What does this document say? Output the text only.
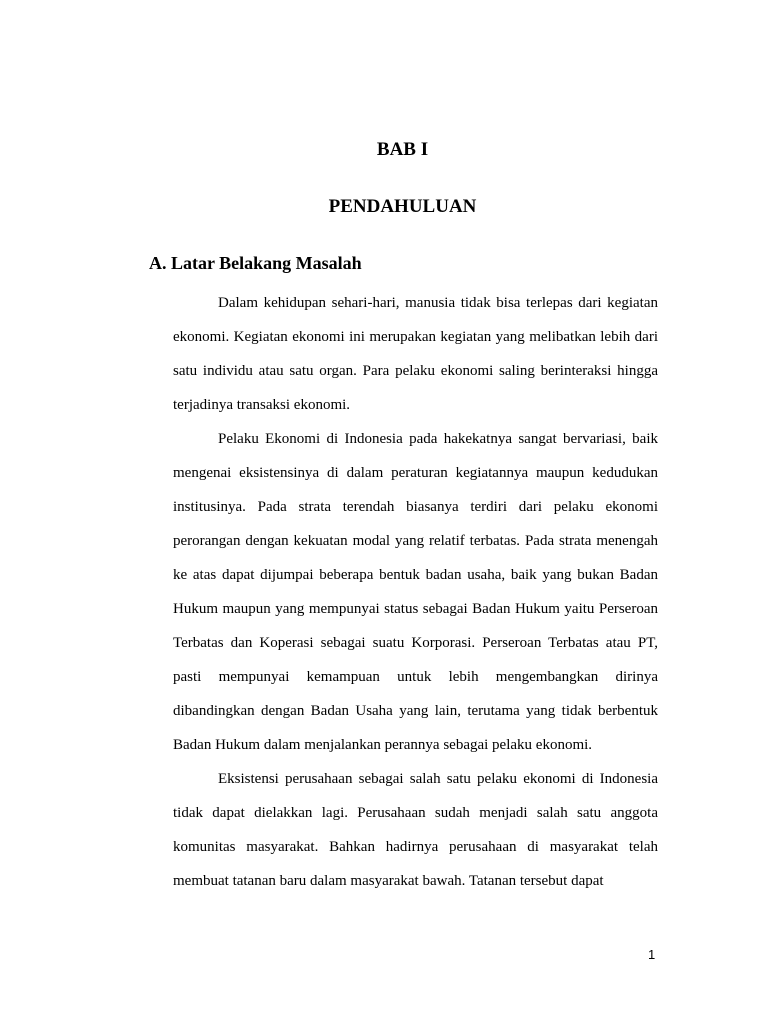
BAB I
PENDAHULUAN
A. Latar Belakang Masalah

Dalam kehidupan sehari-hari, manusia tidak bisa terlepas dari kegiatan ekonomi. Kegiatan ekonomi ini merupakan kegiatan yang melibatkan lebih dari satu individu atau satu organ. Para pelaku ekonomi saling berinteraksi hingga terjadinya transaksi ekonomi.

Pelaku Ekonomi di Indonesia pada hakekatnya sangat bervariasi, baik mengenai eksistensinya di dalam peraturan kegiatannya maupun kedudukan institusinya. Pada strata terendah biasanya terdiri dari pelaku ekonomi perorangan dengan kekuatan modal yang relatif terbatas. Pada strata menengah ke atas dapat dijumpai beberapa bentuk badan usaha, baik yang bukan Badan Hukum maupun yang mempunyai status sebagai Badan Hukum yaitu Perseroan Terbatas dan Koperasi sebagai suatu Korporasi. Perseroan Terbatas atau PT, pasti mempunyai kemampuan untuk lebih mengembangkan dirinya dibandingkan dengan Badan Usaha yang lain, terutama yang tidak berbentuk Badan Hukum dalam menjalankan perannya sebagai pelaku ekonomi.

Eksistensi perusahaan sebagai salah satu pelaku ekonomi di Indonesia tidak dapat dielakkan lagi. Perusahaan sudah menjadi salah satu anggota komunitas masyarakat. Bahkan hadirnya perusahaan di masyarakat telah membuat tatanan baru dalam masyarakat bawah. Tatanan tersebut dapat

1
